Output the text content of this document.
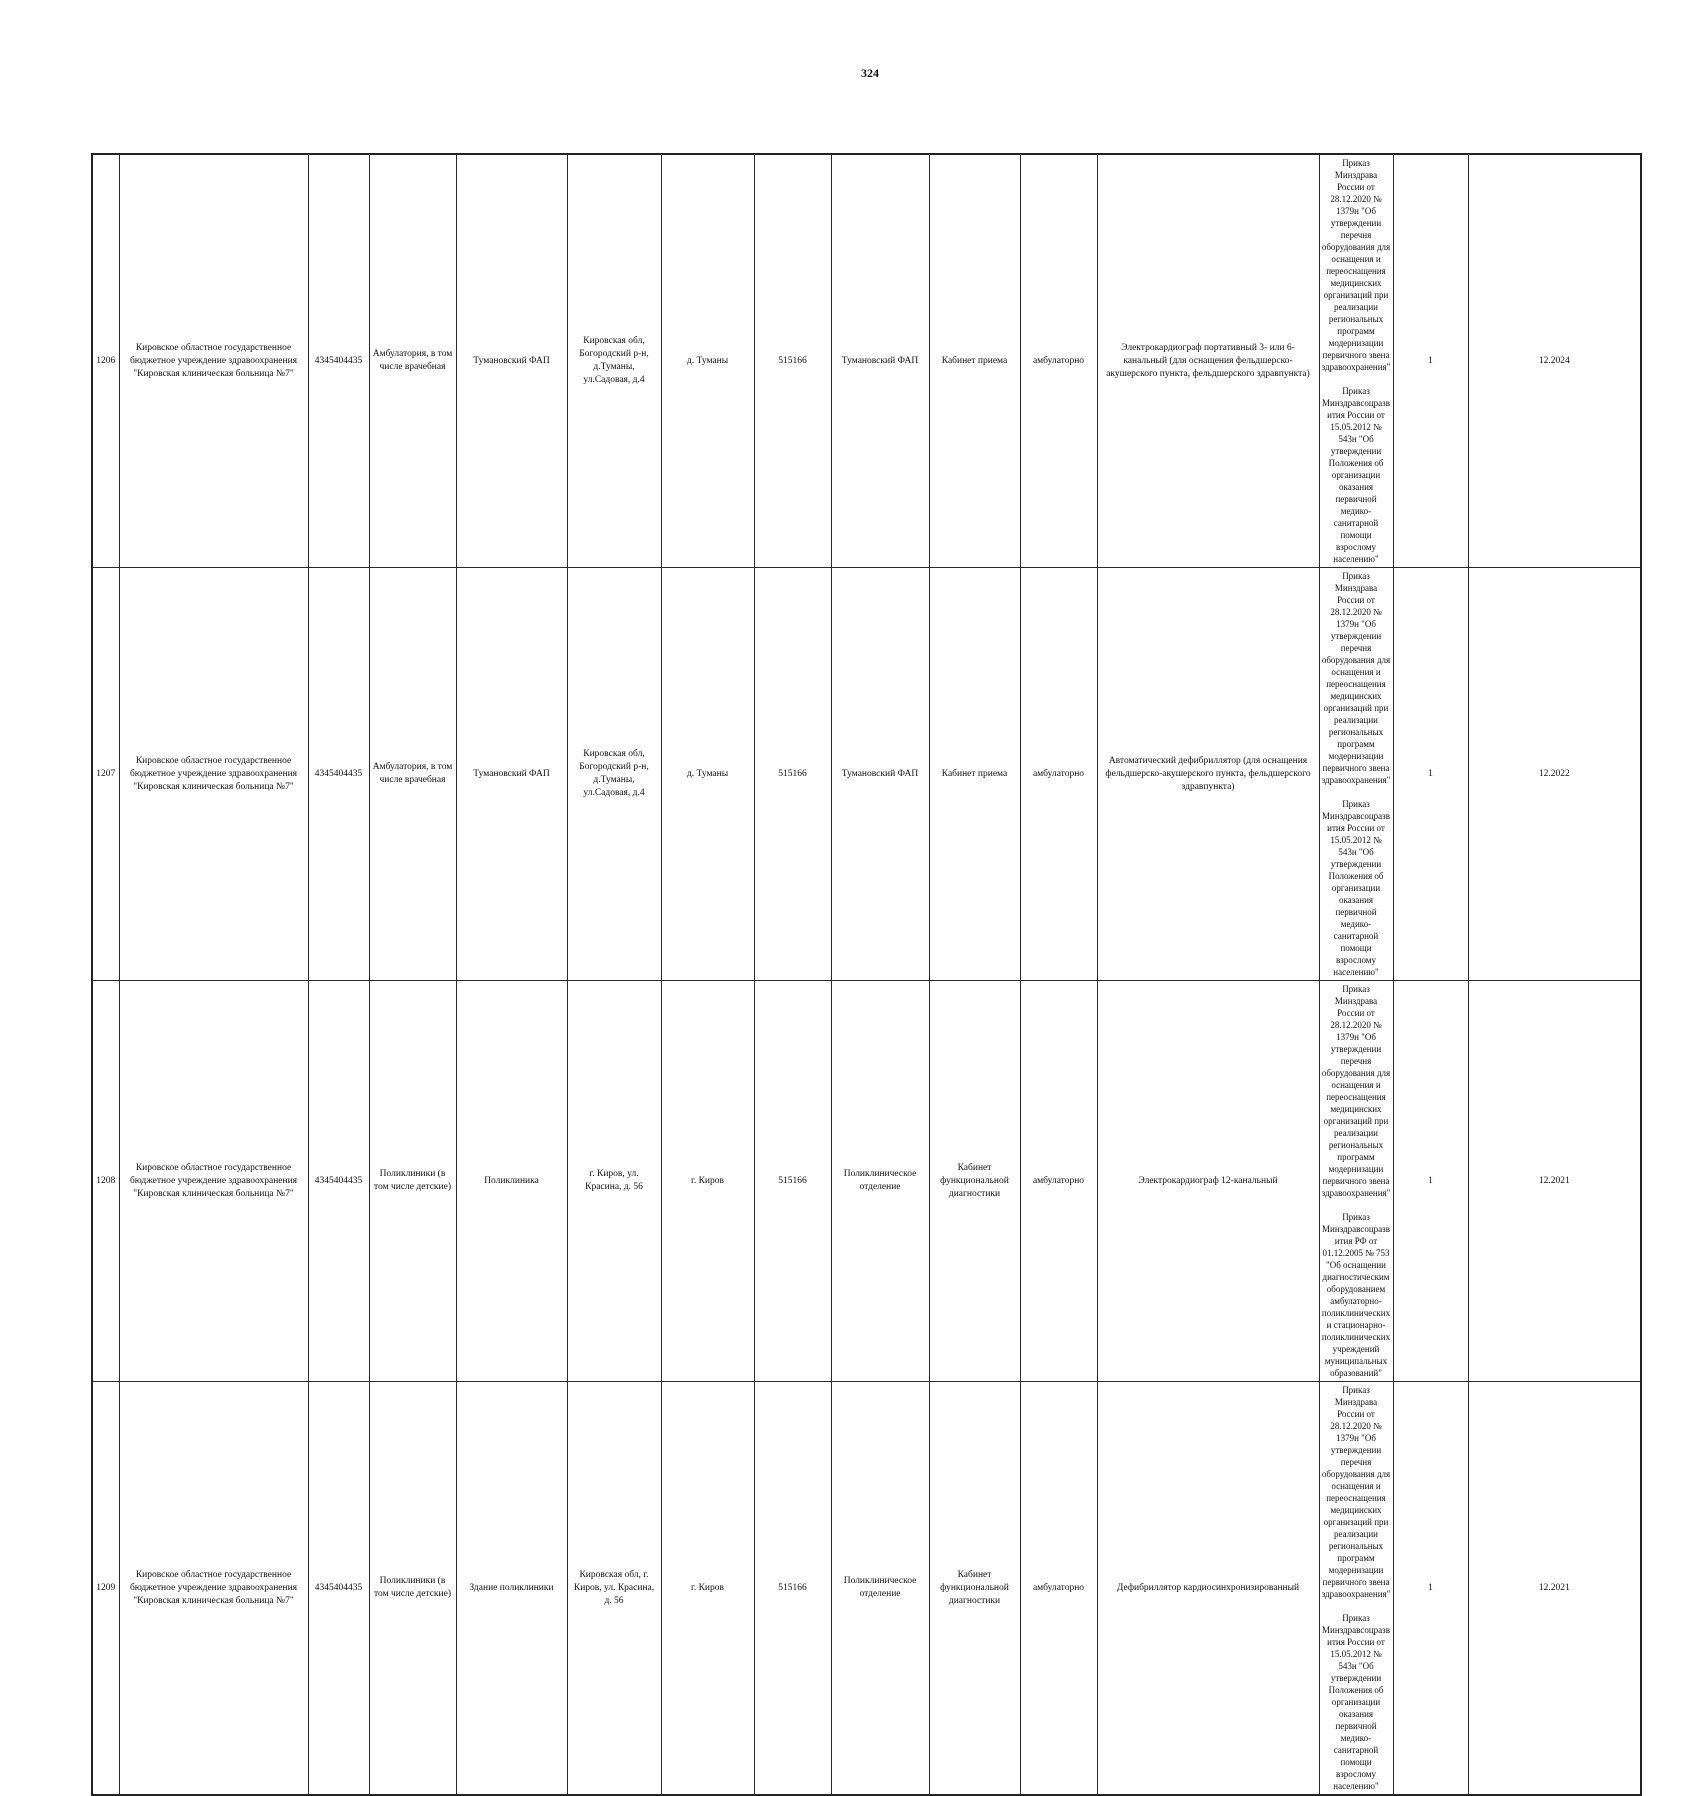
324
1206	Кировское областное государственное бюджетное учреждение здравоохранения "Кировская клиническая больница №7"	4345404435	Амбулатория, в том числе врачебная	Тумановский ФАП	Кировская обл, Богородский р-н, д.Туманы, ул.Садовая, д.4	д. Туманы	515166	Тумановский ФАП	Кабинет приема	амбулаторно	Электрокардиограф портативный 3- или 6-канальный (для оснащения фельдшерско-акушерского пункта, фельдшерского здравпункта)	Приказ Минздрава России от 28.12.2020 № 1379н "Об утверждении перечня оборудования для оснащения и переоснащения медицинских организаций при реализации региональных программ модернизации первичного звена здравоохранения"
Приказ Минздравсоцразвития России от 15.05.2012 № 543н "Об утверждении Положения об организации оказания первичной медико-санитарной помощи взрослому населению"	1	12.2024
1207	Кировское областное государственное бюджетное учреждение здравоохранения "Кировская клиническая больница №7"	4345404435	Амбулатория, в том числе врачебная	Тумановский ФАП	Кировская обл, Богородский р-н, д.Туманы, ул.Садовая, д.4	д. Туманы	515166	Тумановский ФАП	Кабинет приема	амбулаторно	Автоматический дефибриллятор (для оснащения фельдшерско-акушерского пункта, фельдшерского здравпункта)	Приказ Минздрава России от 28.12.2020 № 1379н "Об утверждении перечня оборудования для оснащения и переоснащения медицинских организаций при реализации региональных программ модернизации первичного звена здравоохранения"
Приказ Минздравсоцразвития России от 15.05.2012 № 543н "Об утверждении Положения об организации оказания первичной медико-санитарной помощи взрослому населению"	1	12.2022
1208	Кировское областное государственное бюджетное учреждение здравоохранения "Кировская клиническая больница №7"	4345404435	Поликлиники (в том числе детские)	Поликлиника	г. Киров, ул. Красина, д. 56	г. Киров	515166	Поликлиническое отделение	Кабинет функциональной диагностики	амбулаторно	Электрокардиограф 12-канальный	Приказ Минздрава России от 28.12.2020 № 1379н "Об утверждении перечня оборудования для оснащения и переоснащения медицинских организаций при реализации региональных программ модернизации первичного звена здравоохранения"
Приказ Минздравсоцразвития РФ от 01.12.2005 № 753 "Об оснащении диагностическим оборудованием амбулаторно-поликлинических и стационарно-поликлинических учреждений муниципальных образований"	1	12.2021
1209	Кировское областное государственное бюджетное учреждение здравоохранения "Кировская клиническая больница №7"	4345404435	Поликлиники (в том числе детские)	Здание поликлиники	Кировская обл, г. Киров, ул. Красина, д. 56	г. Киров	515166	Поликлиническое отделение	Кабинет функциональной диагностики	амбулаторно	Дефибриллятор кардиосинхронизированный	Приказ Минздрава России от 28.12.2020 № 1379н "Об утверждении перечня оборудования для оснащения и переоснащения медицинских организаций при реализации региональных программ модернизации первичного звена здравоохранения"
Приказ Минздравсоцразвития России от 15.05.2012 № 543н "Об утверждении Положения об организации оказания первичной медико-санитарной помощи взрослому населению"	1	12.2021
